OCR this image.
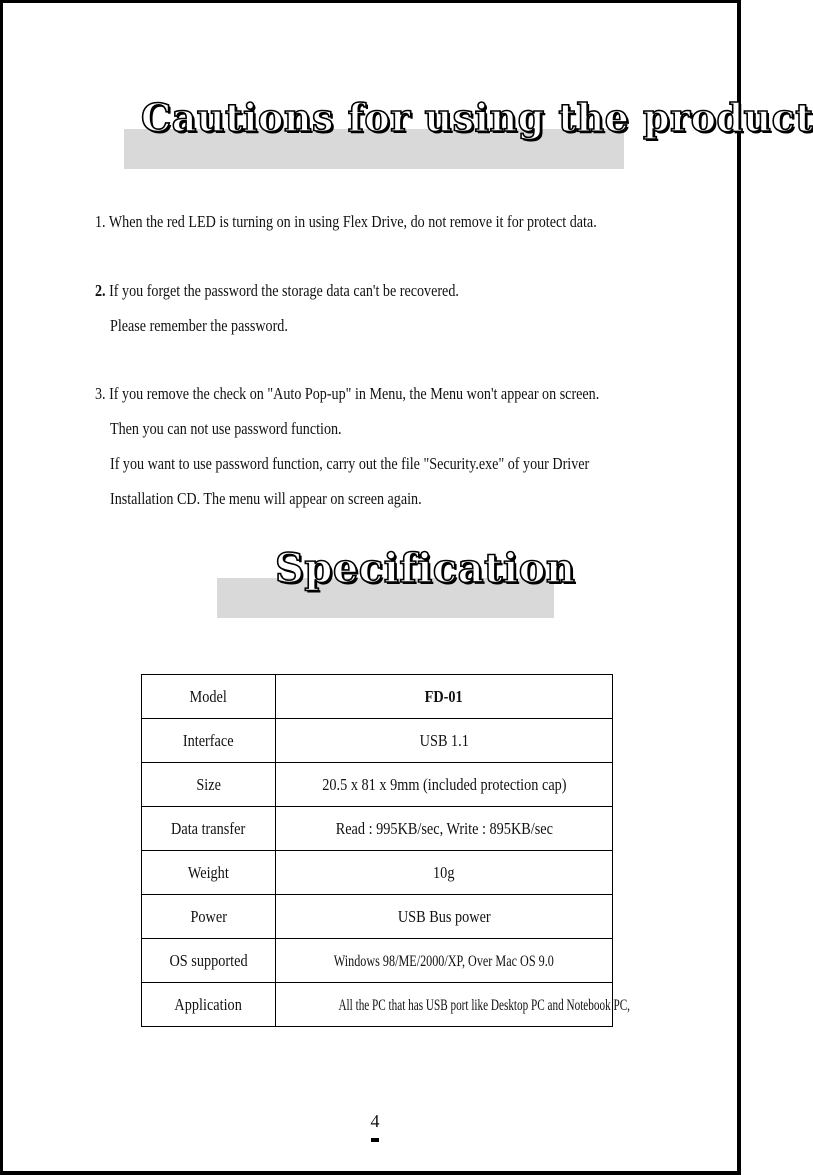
Cautions for using the product
1. When the red LED is turning on in using Flex Drive, do not remove it for protect data.
2. If you forget the password the storage data can't be recovered.
Please remember the password.
3. If you remove the check on "Auto Pop-up" in Menu, the Menu won't appear on screen.
Then you can not use password function.
If you want to use password function, carry out the file "Security.exe" of your Driver
Installation CD. The menu will appear on screen again.
Specification
Model	FD-01
Interface	USB 1.1
Size	20.5 x 81 x 9mm (included protection cap)
Data transfer	Read : 995KB/sec, Write : 895KB/sec
Weight	10g
Power	USB Bus power
OS supported	Windows 98/ME/2000/XP, Over Mac OS 9.0
Application	All the PC that has USB port like Desktop PC and Notebook PC,
4
